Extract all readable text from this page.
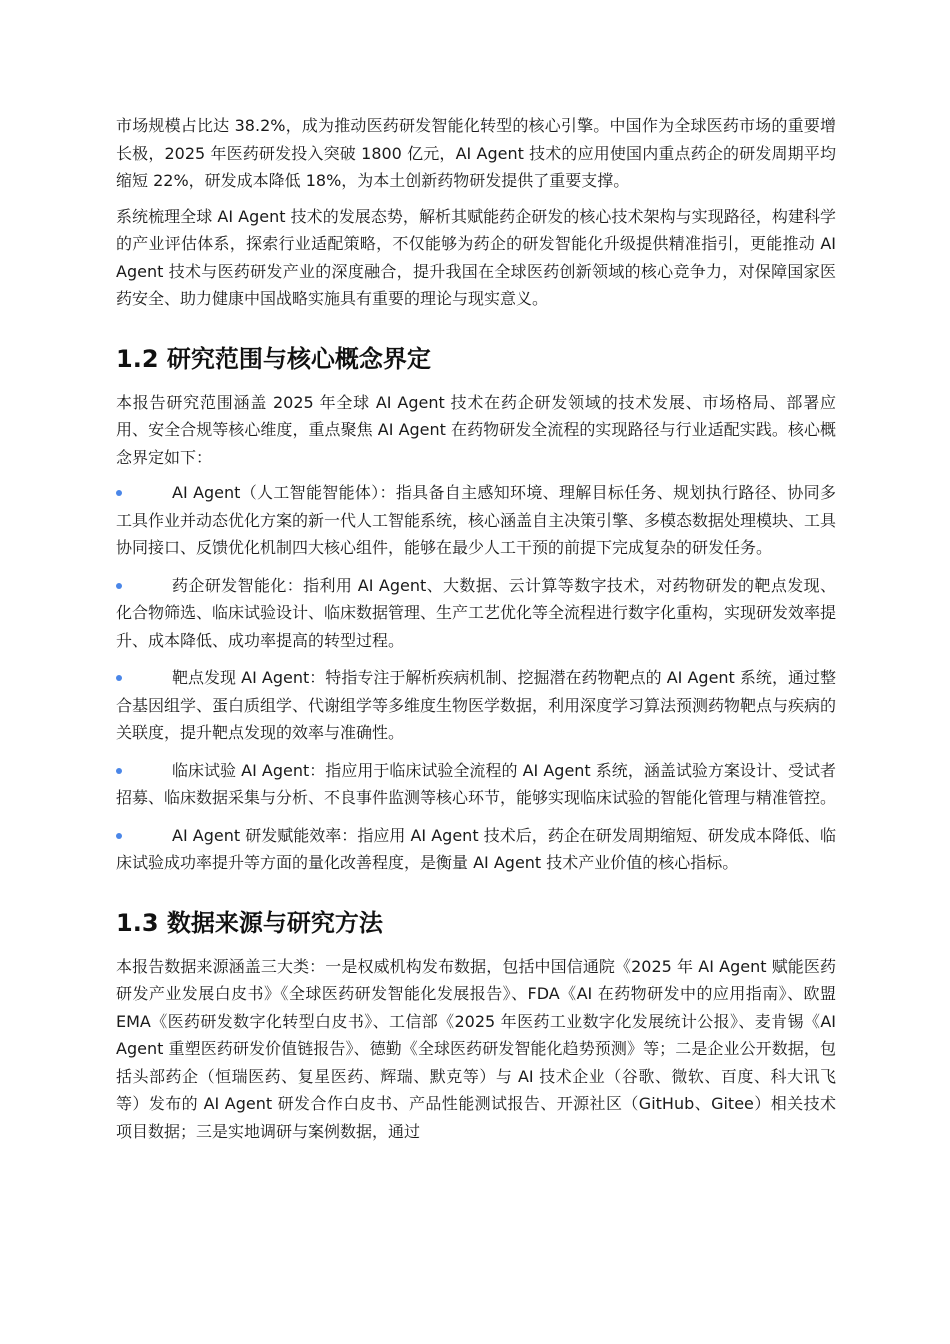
市场规模占比达 38.2%，成为推动医药研发智能化转型的核心引擎。中国作为全球医药市场的重要增长极，2025 年医药研发投入突破 1800 亿元，AI Agent 技术的应用使国内重点药企的研发周期平均缩短 22%，研发成本降低 18%，为本土创新药物研发提供了重要支撑。

系统梳理全球 AI Agent 技术的发展态势，解析其赋能药企研发的核心技术架构与实现路径，构建科学的产业评估体系，探索行业适配策略，不仅能够为药企的研发智能化升级提供精准指引，更能推动 AI Agent 技术与医药研发产业的深度融合，提升我国在全球医药创新领域的核心竞争力，对保障国家医药安全、助力健康中国战略实施具有重要的理论与现实意义。

1.2 研究范围与核心概念界定

本报告研究范围涵盖 2025 年全球 AI Agent 技术在药企研发领域的技术发展、市场格局、部署应用、安全合规等核心维度，重点聚焦 AI Agent 在药物研发全流程的实现路径与行业适配实践。核心概念界定如下：

AI Agent（人工智能智能体）：指具备自主感知环境、理解目标任务、规划执行路径、协同多工具作业并动态优化方案的新一代人工智能系统，核心涵盖自主决策引擎、多模态数据处理模块、工具协同接口、反馈优化机制四大核心组件，能够在最少人工干预的前提下完成复杂的研发任务。
药企研发智能化：指利用 AI Agent、大数据、云计算等数字技术，对药物研发的靶点发现、化合物筛选、临床试验设计、临床数据管理、生产工艺优化等全流程进行数字化重构，实现研发效率提升、成本降低、成功率提高的转型过程。
靶点发现 AI Agent：特指专注于解析疾病机制、挖掘潜在药物靶点的 AI Agent 系统，通过整合基因组学、蛋白质组学、代谢组学等多维度生物医学数据，利用深度学习算法预测药物靶点与疾病的关联度，提升靶点发现的效率与准确性。
临床试验 AI Agent：指应用于临床试验全流程的 AI Agent 系统，涵盖试验方案设计、受试者招募、临床数据采集与分析、不良事件监测等核心环节，能够实现临床试验的智能化管理与精准管控。
AI Agent 研发赋能效率：指应用 AI Agent 技术后，药企在研发周期缩短、研发成本降低、临床试验成功率提升等方面的量化改善程度，是衡量 AI Agent 技术产业价值的核心指标。
1.3 数据来源与研究方法

本报告数据来源涵盖三大类：一是权威机构发布数据，包括中国信通院《2025 年 AI Agent 赋能医药研发产业发展白皮书》《全球医药研发智能化发展报告》、FDA《AI 在药物研发中的应用指南》、欧盟 EMA《医药研发数字化转型白皮书》、工信部《2025 年医药工业数字化发展统计公报》、麦肯锡《AI Agent 重塑医药研发价值链报告》、德勤《全球医药研发智能化趋势预测》等；二是企业公开数据，包括头部药企（恒瑞医药、复星医药、辉瑞、默克等）与 AI 技术企业（谷歌、微软、百度、科大讯飞等）发布的 AI Agent 研发合作白皮书、产品性能测试报告、开源社区（GitHub、Gitee）相关技术项目数据；三是实地调研与案例数据，通过
